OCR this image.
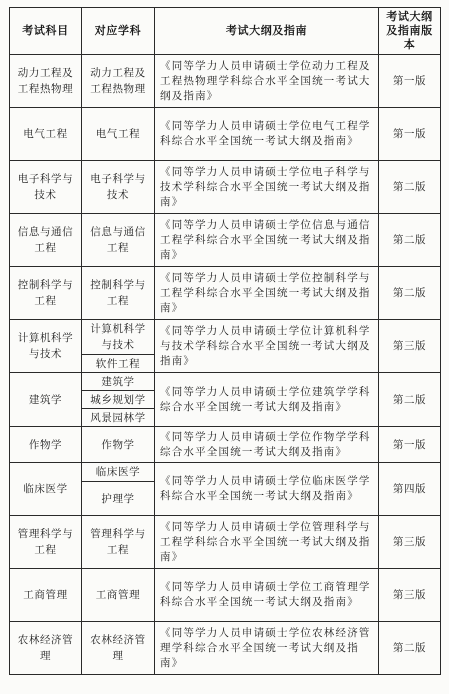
考试科目	对应学科	考试大纲及指南	考试大纲及指南版本
动力工程及工程热物理	动力工程及工程热物理	《同等学力人员申请硕士学位动力工程及工程热物理学科综合水平全国统一考试大纲及指南》	第一版
电气工程	电气工程	《同等学力人员申请硕士学位电气工程学科综合水平全国统一考试大纲及指南》	第一版
电子科学与技术	电子科学与技术	《同等学力人员申请硕士学位电子科学与技术学科综合水平全国统一考试大纲及指南》	第二版
信息与通信工程	信息与通信工程	《同等学力人员申请硕士学位信息与通信工程学科综合水平全国统一考试大纲及指南》	第二版
控制科学与工程	控制科学与工程	《同等学力人员申请硕士学位控制科学与工程学科综合水平全国统一考试大纲及指南》	第二版
计算机科学与技术	计算机科学与技术	《同等学力人员申请硕士学位计算机科学与技术学科综合水平全国统一考试大纲及指南》	第三版
	软件工程		
建筑学	建筑学	《同等学力人员申请硕士学位建筑学学科综合水平全国统一考试大纲及指南》	第二版
	城乡规划学		
	风景园林学		
作物学	作物学	《同等学力人员申请硕士学位作物学学科综合水平全国统一考试大纲及指南》	第一版
临床医学	临床医学	《同等学力人员申请硕士学位临床医学学科综合水平全国统一考试大纲及指南》	第四版
	护理学		
管理科学与工程	管理科学与工程	《同等学力人员申请硕士学位管理科学与工程学科综合水平全国统一考试大纲及指南》	第三版
工商管理	工商管理	《同等学力人员申请硕士学位工商管理学科综合水平全国统一考试大纲及指南》	第三版
农林经济管理	农林经济管理	《同等学力人员申请硕士学位农林经济管理学科综合水平全国统一考试大纲及指南》	第二版
